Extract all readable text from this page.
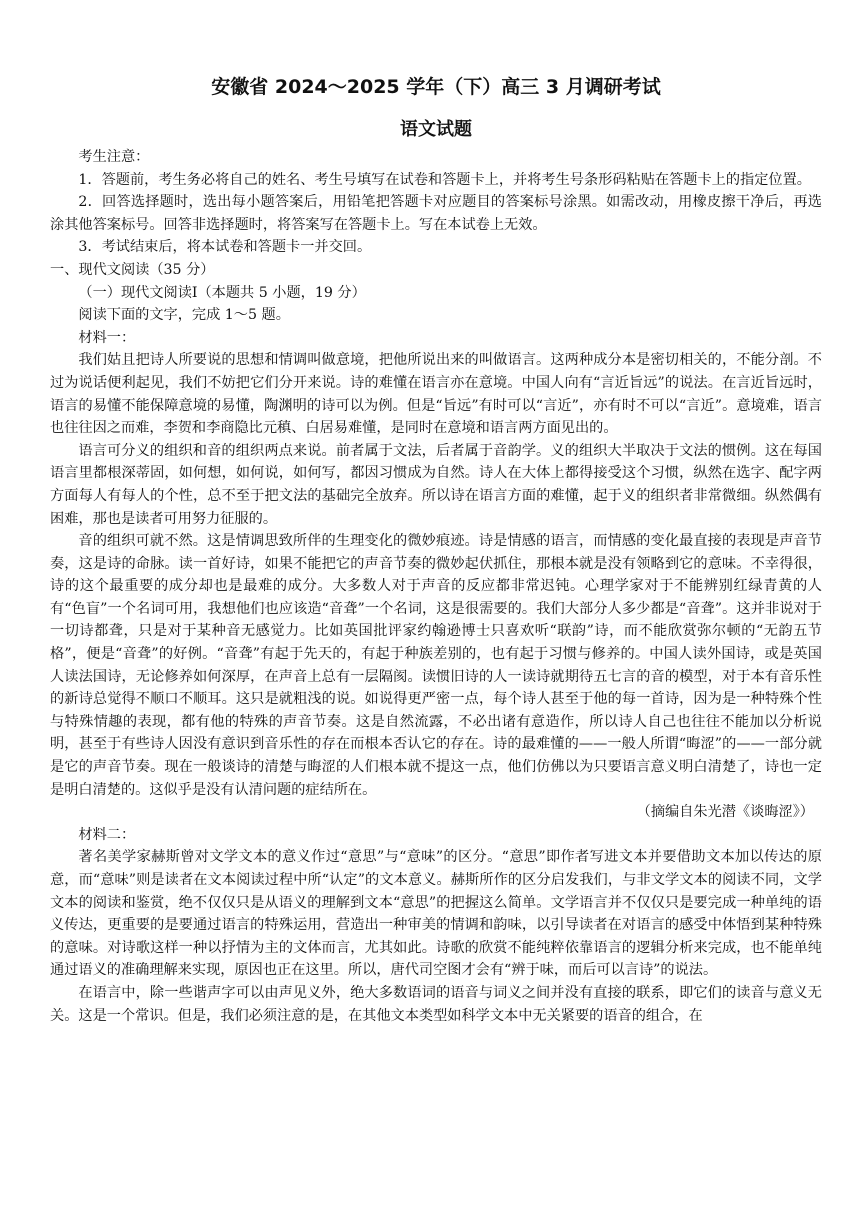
安徽省 2024～2025 学年（下）高三 3 月调研考试
语文试题

考生注意：

1．答题前，考生务必将自己的姓名、考生号填写在试卷和答题卡上，并将考生号条形码粘贴在答题卡上的指定位置。

2．回答选择题时，选出每小题答案后，用铅笔把答题卡对应题目的答案标号涂黑。如需改动，用橡皮擦干净后，再选涂其他答案标号。回答非选择题时，将答案写在答题卡上。写在本试卷上无效。

3．考试结束后，将本试卷和答题卡一并交回。

一、现代文阅读（35 分）

（一）现代文阅读Ⅰ（本题共 5 小题，19 分）

阅读下面的文字，完成 1～5 题。

材料一：

我们姑且把诗人所要说的思想和情调叫做意境，把他所说出来的叫做语言。这两种成分本是密切相关的，不能分剖。不过为说话便利起见，我们不妨把它们分开来说。诗的难懂在语言亦在意境。中国人向有“言近旨远”的说法。在言近旨远时，语言的易懂不能保障意境的易懂，陶渊明的诗可以为例。但是“旨远”有时可以“言近”，亦有时不可以“言近”。意境难，语言也往往因之而难，李贺和李商隐比元稹、白居易难懂，是同时在意境和语言两方面见出的。

语言可分义的组织和音的组织两点来说。前者属于文法，后者属于音韵学。义的组织大半取决于文法的惯例。这在每国语言里都根深蒂固，如何想，如何说，如何写，都因习惯成为自然。诗人在大体上都得接受这个习惯，纵然在选字、配字两方面每人有每人的个性，总不至于把文法的基础完全放弃。所以诗在语言方面的难懂，起于义的组织者非常微细。纵然偶有困难，那也是读者可用努力征服的。

音的组织可就不然。这是情调思致所伴的生理变化的微妙痕迹。诗是情感的语言，而情感的变化最直接的表现是声音节奏，这是诗的命脉。读一首好诗，如果不能把它的声音节奏的微妙起伏抓住，那根本就是没有领略到它的意味。不幸得很，诗的这个最重要的成分却也是最难的成分。大多数人对于声音的反应都非常迟钝。心理学家对于不能辨别红绿青黄的人有“色盲”一个名词可用，我想他们也应该造“音聋”一个名词，这是很需要的。我们大部分人多少都是“音聋”。这并非说对于一切诗都聋，只是对于某种音无感觉力。比如英国批评家约翰逊博士只喜欢听“联韵”诗，而不能欣赏弥尔顿的“无韵五节格”，便是“音聋”的好例。“音聋”有起于先天的，有起于种族差别的，也有起于习惯与修养的。中国人读外国诗，或是英国人读法国诗，无论修养如何深厚，在声音上总有一层隔阂。读惯旧诗的人一读诗就期待五七言的音的模型，对于本有音乐性的新诗总觉得不顺口不顺耳。这只是就粗浅的说。如说得更严密一点，每个诗人甚至于他的每一首诗，因为是一种特殊个性与特殊情趣的表现，都有他的特殊的声音节奏。这是自然流露，不必出诸有意造作，所以诗人自己也往往不能加以分析说明，甚至于有些诗人因没有意识到音乐性的存在而根本否认它的存在。诗的最难懂的——一般人所谓“晦涩”的——一部分就是它的声音节奏。现在一般谈诗的清楚与晦涩的人们根本就不提这一点，他们仿佛以为只要语言意义明白清楚了，诗也一定是明白清楚的。这似乎是没有认清问题的症结所在。

（摘编自朱光潜《谈晦涩》）

材料二：

著名美学家赫斯曾对文学文本的意义作过“意思”与“意味”的区分。“意思”即作者写进文本并要借助文本加以传达的原意，而“意味”则是读者在文本阅读过程中所“认定”的文本意义。赫斯所作的区分启发我们，与非文学文本的阅读不同，文学文本的阅读和鉴赏，绝不仅仅只是从语义的理解到文本“意思”的把握这么简单。文学语言并不仅仅只是要完成一种单纯的语义传达，更重要的是要通过语言的特殊运用，营造出一种审美的情调和韵味，以引导读者在对语言的感受中体悟到某种特殊的意味。对诗歌这样一种以抒情为主的文体而言，尤其如此。诗歌的欣赏不能纯粹依靠语言的逻辑分析来完成，也不能单纯通过语义的准确理解来实现，原因也正在这里。所以，唐代司空图才会有“辨于味，而后可以言诗”的说法。

在语言中，除一些谐声字可以由声见义外，绝大多数语词的语音与词义之间并没有直接的联系，即它们的读音与意义无关。这是一个常识。但是，我们必须注意的是，在其他文本类型如科学文本中无关紧要的语音的组合，在
